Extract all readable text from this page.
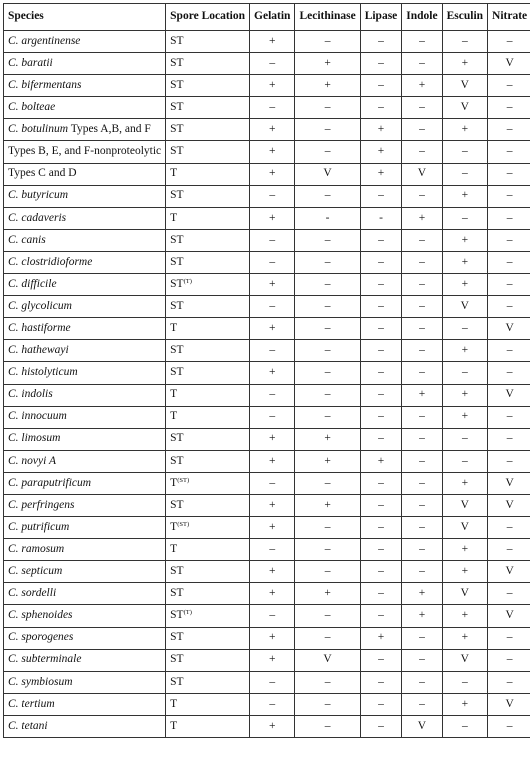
Species	Spore Location	Gelatin	Lecithinase	Lipase	Indole	Esculin	Nitrate
C. argentinense	ST	+	–	–	–	–	–
C. baratii	ST	–	+	–	–	+	V
C. bifermentans	ST	+	+	–	+	V	–
C. bolteae	ST	–	–	–	–	V	–
C. botulinum Types A,B, and F	ST	+	–	+	–	+	–
Types B, E, and F-nonproteolytic	ST	+	–	+	–	–	–
Types C and D	T	+	V	+	V	–	–
C. butyricum	ST	–	–	–	–	+	–
C. cadaveris	T	+	-	-	+	–	–
C. canis	ST	–	–	–	–	+	–
C. clostridioforme	ST	–	–	–	–	+	–
C. difficile	$ST^{(T)}$	+	–	–	–	+	–
C. glycolicum	ST	–	–	–	–	V	–
C. hastiforme	T	+	–	–	–	–	V
C. hathewayi	ST	–	–	–	–	+	–
C. histolyticum	ST	+	–	–	–	–	–
C. indolis	T	–	–	–	+	+	V
C. innocuum	T	–	–	–	–	+	–
C. limosum	ST	+	+	–	–	–	–
C. novyi A	ST	+	+	+	–	–	–
C. paraputrificum	$T^{(ST)}$	–	–	–	–	+	V
C. perfringens	ST	+	+	–	–	V	V
C. putrificum	$T^{(ST)}$	+	–	–	–	V	–
C. ramosum	T	–	–	–	–	+	–
C. septicum	ST	+	–	–	–	+	V
C. sordelli	ST	+	+	–	+	V	–
C. sphenoides	$ST^{(T)}$	–	–	–	+	+	V
C. sporogenes	ST	+	–	+	–	+	–
C. subterminale	ST	+	V	–	–	V	–
C. symbiosum	ST	–	–	–	–	–	–
C. tertium	T	–	–	–	–	+	V
C. tetani	T	+	–	–	V	–	–
